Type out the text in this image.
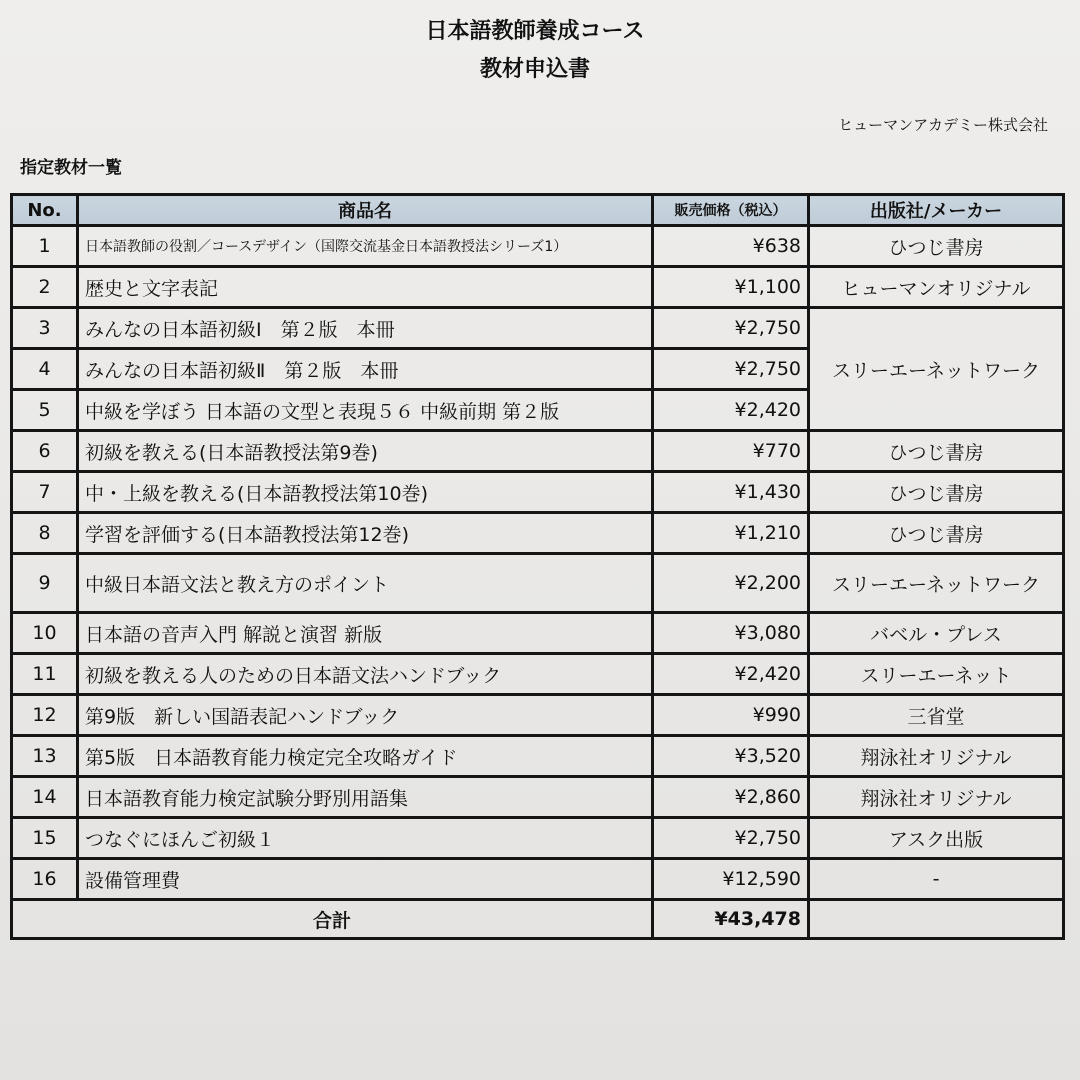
日本語教師養成コース
教材申込書
ヒューマンアカデミー株式会社
指定教材一覧
No.	商品名	販売価格（税込）	出版社/メーカー
1	日本語教師の役割／コースデザイン（国際交流基金日本語教授法シリーズ1）	¥638	ひつじ書房
2	歴史と文字表記	¥1,100	ヒューマンオリジナル
3	みんなの日本語初級Ⅰ　第２版　本冊	¥2,750	スリーエーネットワーク
4	みんなの日本語初級Ⅱ　第２版　本冊	¥2,750	
5	中級を学ぼう 日本語の文型と表現５６ 中級前期 第２版	¥2,420	
6	初級を教える(日本語教授法第9巻)	¥770	ひつじ書房
7	中・上級を教える(日本語教授法第10巻)	¥1,430	ひつじ書房
8	学習を評価する(日本語教授法第12巻)	¥1,210	ひつじ書房
9	中級日本語文法と教え方のポイント	¥2,200	スリーエーネットワーク
10	日本語の音声入門 解説と演習 新版	¥3,080	バベル・プレス
11	初級を教える人のための日本語文法ハンドブック	¥2,420	スリーエーネット
12	第9版　新しい国語表記ハンドブック	¥990	三省堂
13	第5版　日本語教育能力検定完全攻略ガイド	¥3,520	翔泳社オリジナル
14	日本語教育能力検定試験分野別用語集	¥2,860	翔泳社オリジナル
15	つなぐにほんご初級１	¥2,750	アスク出版
16	設備管理費	¥12,590	-
合計		¥43,478	
